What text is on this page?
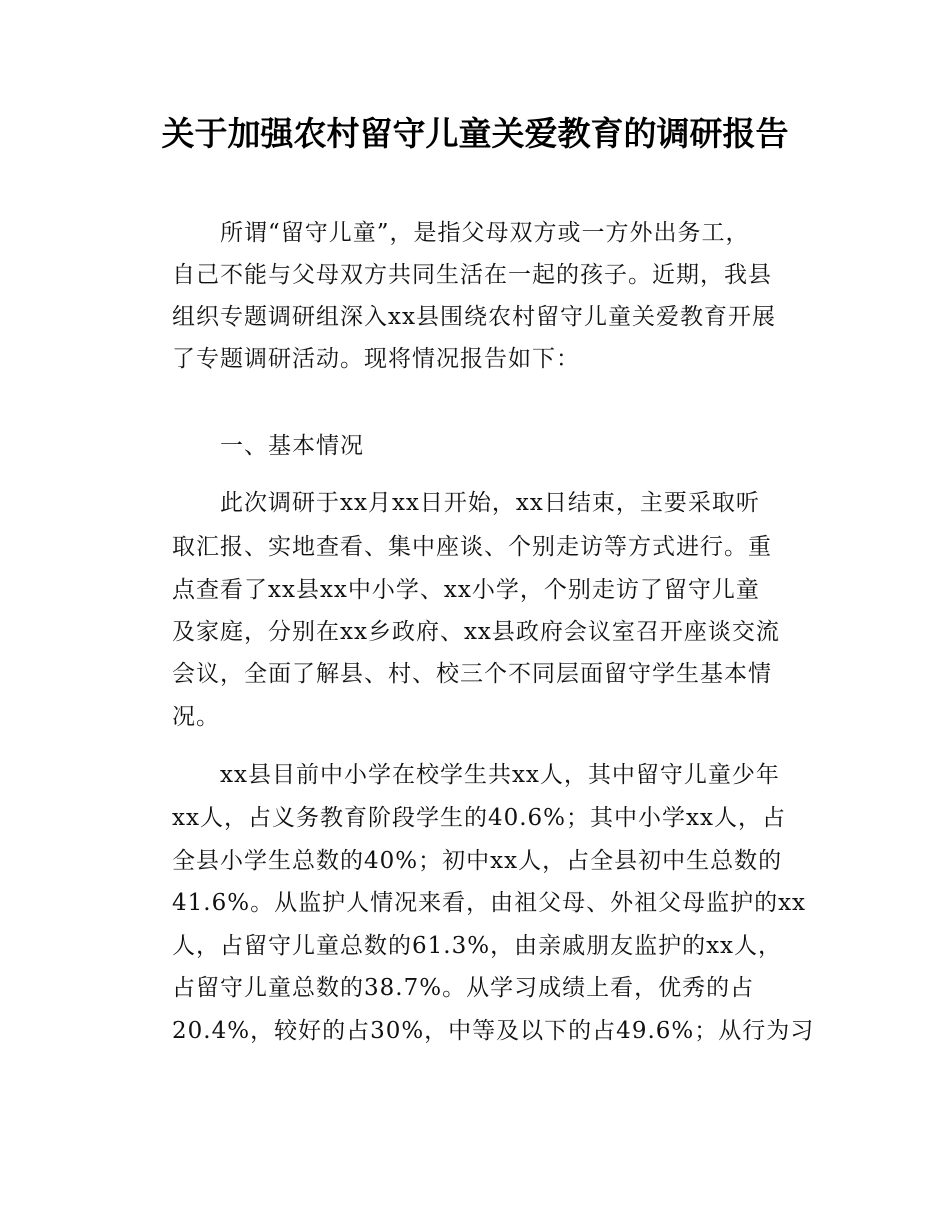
关于加强农村留守儿童关爱教育的调研报告
所谓“留守儿童”，是指父母双方或一方外出务工，
自己不能与父母双方共同生活在一起的孩子。近期，我县
组织专题调研组深入xx县围绕农村留守儿童关爱教育开展
了专题调研活动。现将情况报告如下：
一、基本情况
此次调研于xx月xx日开始，xx日结束，主要采取听
取汇报、实地查看、集中座谈、个别走访等方式进行。重
点查看了xx县xx中小学、xx小学，个别走访了留守儿童
及家庭，分别在xx乡政府、xx县政府会议室召开座谈交流
会议，全面了解县、村、校三个不同层面留守学生基本情
况。
xx县目前中小学在校学生共xx人，其中留守儿童少年
xx人，占义务教育阶段学生的40.6%；其中小学xx人，占
全县小学生总数的40%；初中xx人，占全县初中生总数的
41.6%。从监护人情况来看，由祖父母、外祖父母监护的xx
人，占留守儿童总数的61.3%，由亲戚朋友监护的xx人，
占留守儿童总数的38.7%。从学习成绩上看，优秀的占
20.4%，较好的占30%，中等及以下的占49.6%；从行为习
